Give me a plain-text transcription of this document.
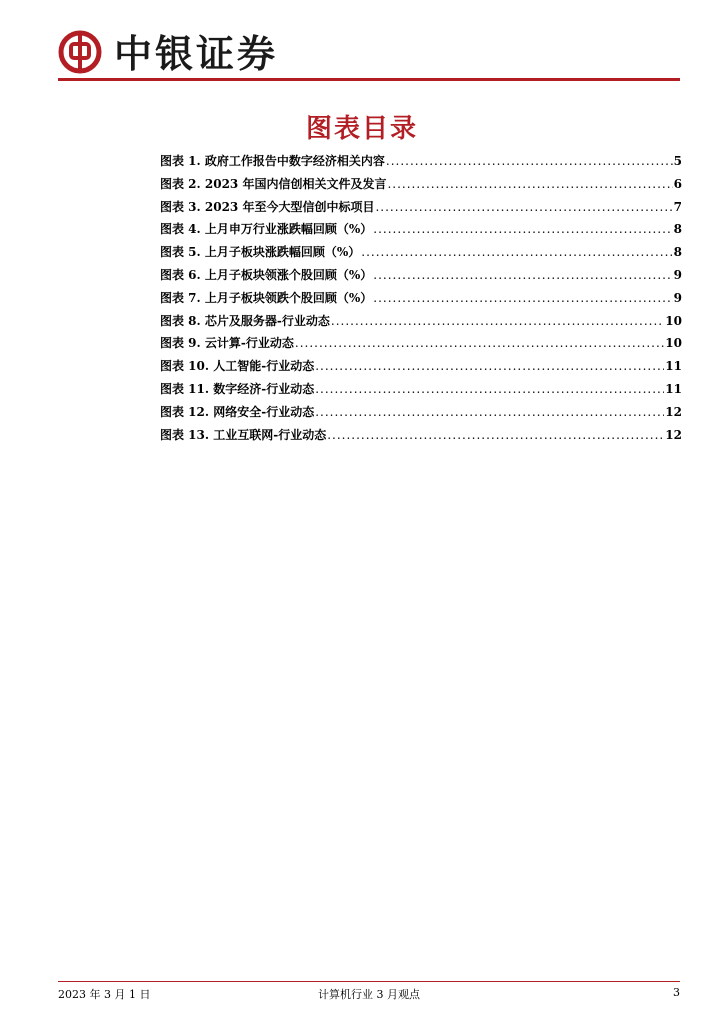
中银证券
图表目录
图表 1. 政府工作报告中数字经济相关内容 .....	5
图表 2. 2023 年国内信创相关文件及发言 .....	6
图表 3. 2023 年至今大型信创中标项目 .....	7
图表 4. 上月申万行业涨跌幅回顾（%） .....	8
图表 5. 上月子板块涨跌幅回顾（%） .....	8
图表 6. 上月子板块领涨个股回顾（%） .....	9
图表 7. 上月子板块领跌个股回顾（%） .....	9
图表 8. 芯片及服务器-行业动态 .....	10
图表 9. 云计算-行业动态 .....	10
图表 10. 人工智能-行业动态 .....	11
图表 11. 数字经济-行业动态 .....	11
图表 12. 网络安全-行业动态 .....	12
图表 13. 工业互联网-行业动态 .....	12
2023 年 3 月 1 日	计算机行业 3 月观点	3
